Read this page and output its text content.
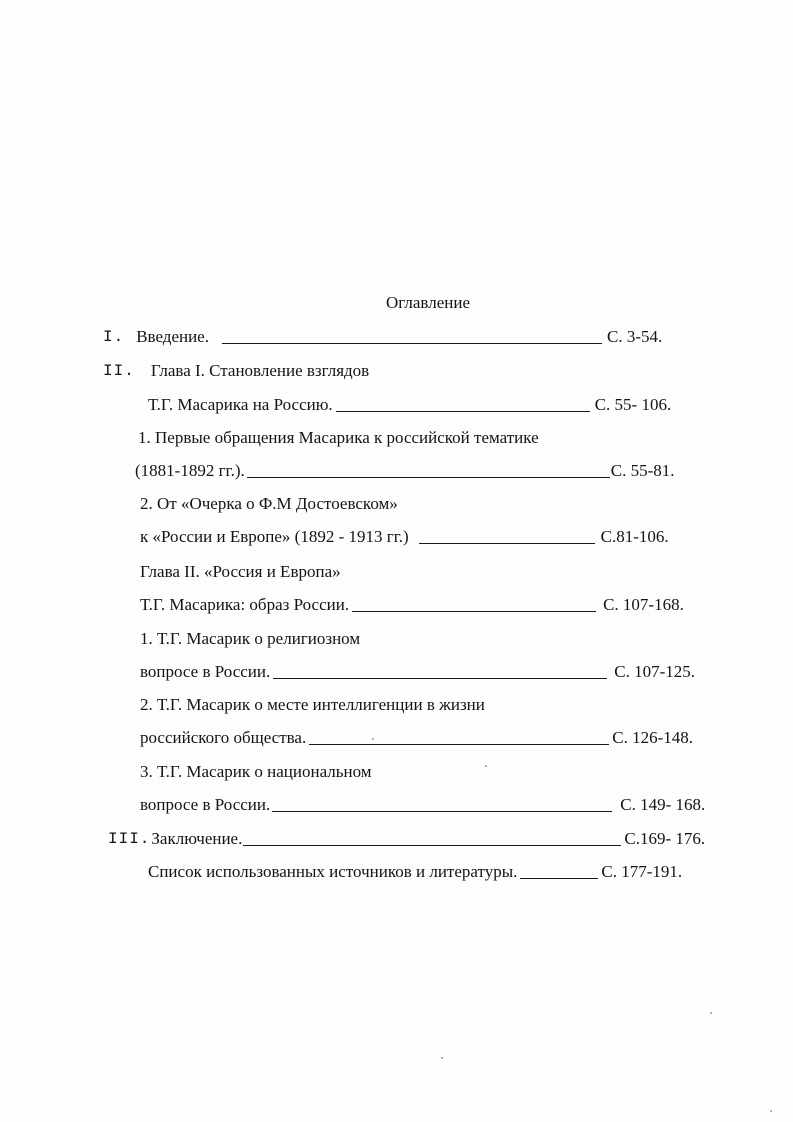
Оглавление
I. Введение.	С. 3-54.
II. Глава I. Становление взглядов
Т.Г. Масарика на Россию.	С. 55- 106.
1. Первые обращения Масарика к российской тематике
(1881-1892 гг.).	С. 55-81.
2. От «Очерка о Ф.М Достоевском»
к «России и Европе» (1892 - 1913 гг.)	С.81-106.
Глава II. «Россия и Европа»
Т.Г. Масарика: образ России.	С. 107-168.
1. Т.Г. Масарик о религиозном
вопросе в России.	С. 107-125.
2. Т.Г. Масарик о месте интеллигенции в жизни
российского общества.	С. 126-148.
3. Т.Г. Масарик о национальном
вопросе в России.	С. 149- 168.
III. Заключение.	С.169- 176.
Список использованных источников и литературы.	С. 177-191.
